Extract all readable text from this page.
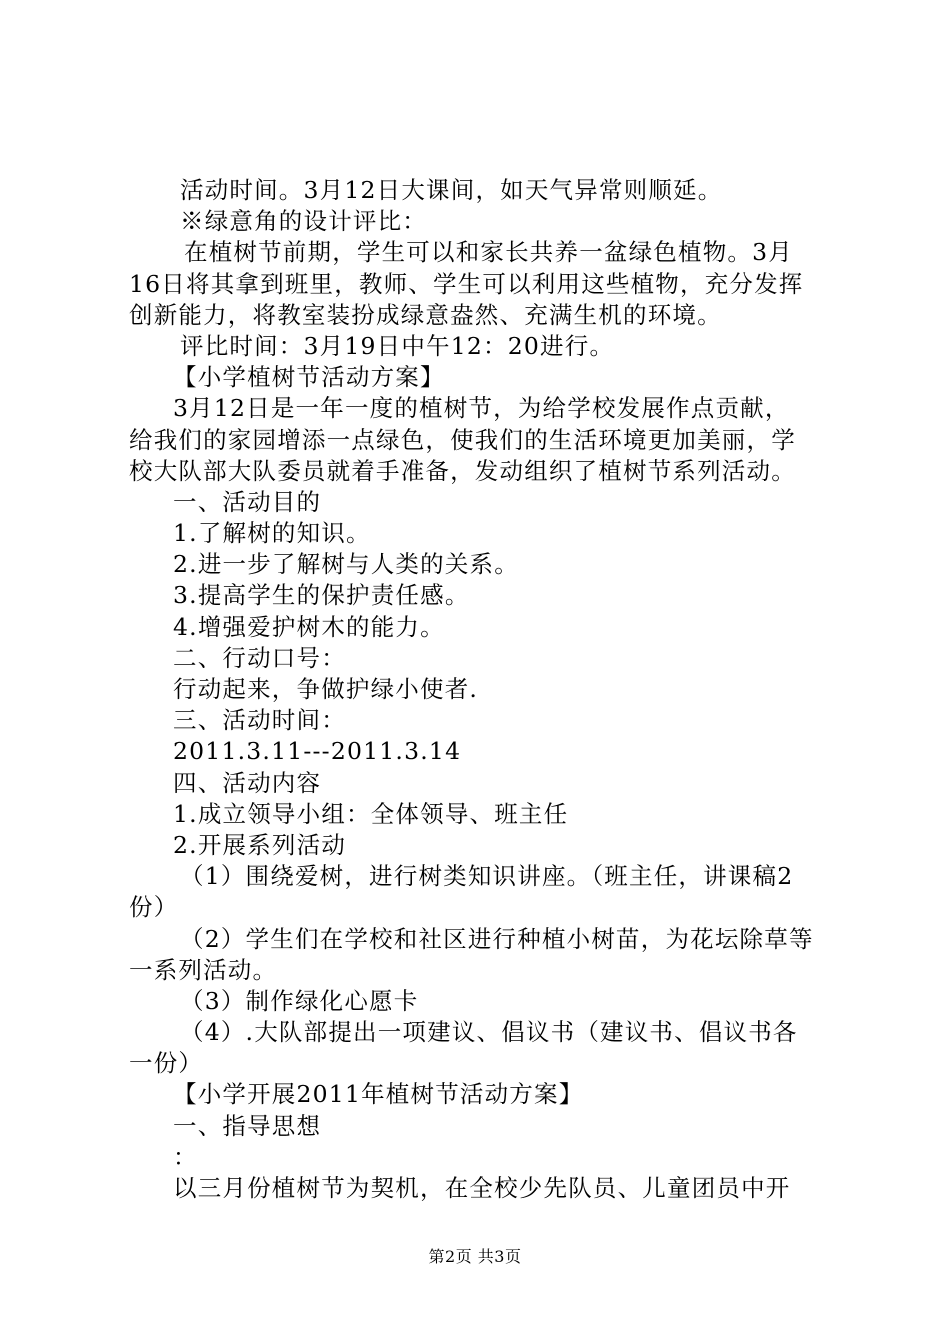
活动时间。3月12日大课间，如天气异常则顺延。
※绿意角的设计评比：
在植树节前期，学生可以和家长共养一盆绿色植物。3月
16日将其拿到班里，教师、学生可以利用这些植物，充分发挥
创新能力，将教室装扮成绿意盎然、充满生机的环境。
评比时间：3月19日中午12：20进行。
【小学植树节活动方案】
3月12日是一年一度的植树节，为给学校发展作点贡献，
给我们的家园增添一点绿色，使我们的生活环境更加美丽，学
校大队部大队委员就着手准备，发动组织了植树节系列活动。
一、活动目的
1.了解树的知识。
2.进一步了解树与人类的关系。
3.提高学生的保护责任感。
4.增强爱护树木的能力。
二、行动口号：
行动起来，争做护绿小使者.
三、活动时间：
2011.3.11---2011.3.14
四、活动内容
1.成立领导小组：全体领导、班主任
2.开展系列活动
（1）围绕爱树，进行树类知识讲座。（班主任，讲课稿2
份）
（2）学生们在学校和社区进行种植小树苗，为花坛除草等
一系列活动。
（3）制作绿化心愿卡
（4）.大队部提出一项建议、倡议书（建议书、倡议书各
一份）
【小学开展2011年植树节活动方案】
一、指导思想
：
以三月份植树节为契机，在全校少先队员、儿童团员中开
第2页 共3页
